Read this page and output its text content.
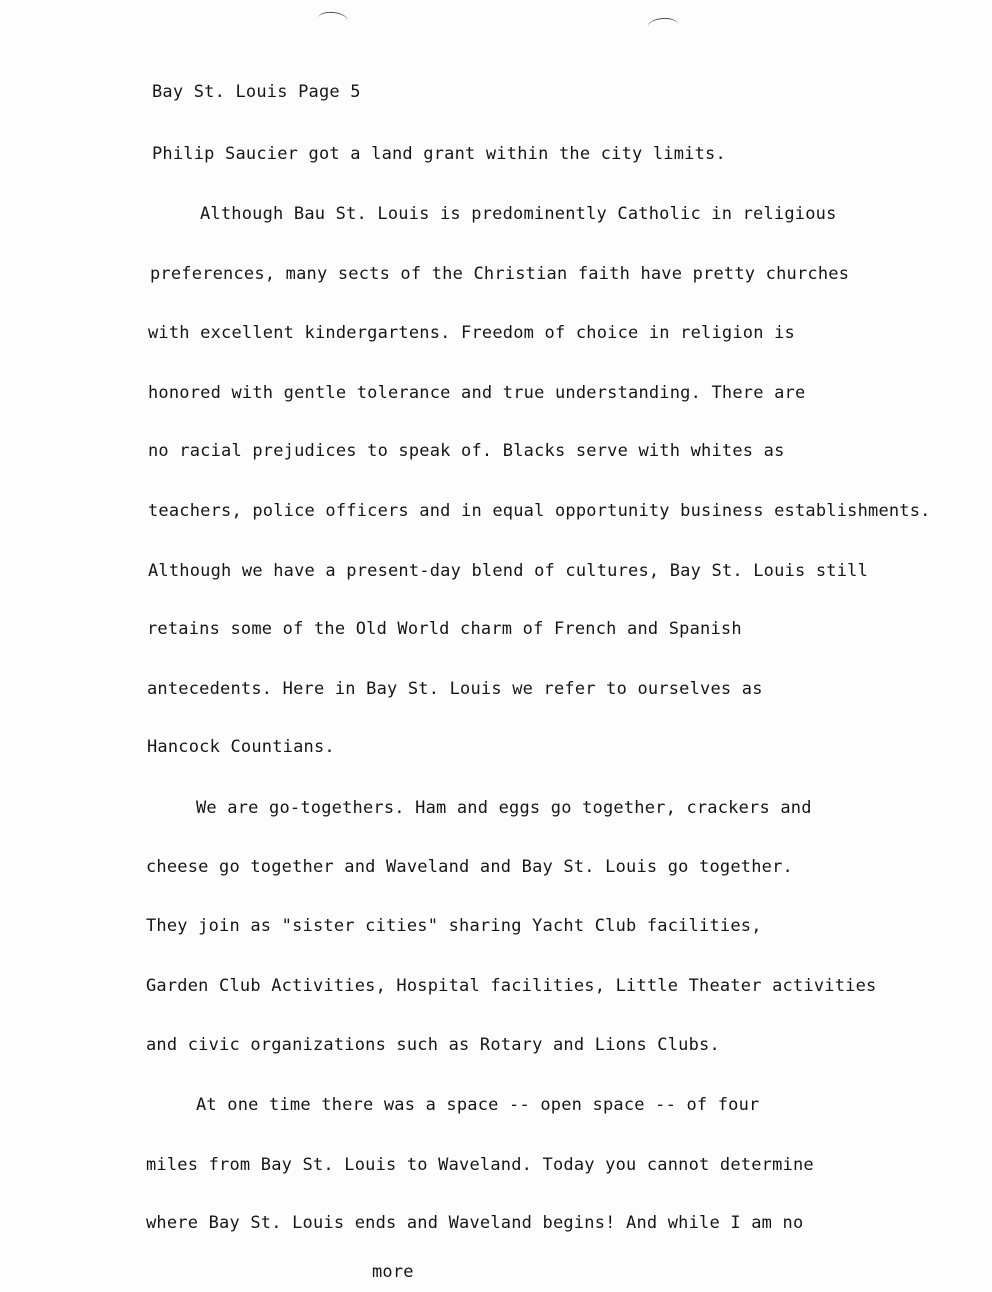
Bay St. Louis Page 5
Philip Saucier got a land grant within the city limits.
Although Bau St. Louis is predominently Catholic in religious
preferences, many sects of the Christian faith have pretty churches
with excellent kindergartens. Freedom of choice in religion is
honored with gentle tolerance and true understanding. There are
no racial prejudices to speak of. Blacks serve with whites as
teachers, police officers and in equal opportunity business establishments.
Although we have a present-day blend of cultures, Bay St. Louis still
retains some of the Old World charm of French and Spanish
antecedents. Here in Bay St. Louis we refer to ourselves as
Hancock Countians.
We are go-togethers. Ham and eggs go together, crackers and
cheese go together and Waveland and Bay St. Louis go together.
They join as "sister cities" sharing Yacht Club facilities,
Garden Club Activities, Hospital facilities, Little Theater activities
and civic organizations such as Rotary and Lions Clubs.
At one time there was a space -- open space -- of four
miles from Bay St. Louis to Waveland. Today you cannot determine
where Bay St. Louis ends and Waveland begins! And while I am no
more
